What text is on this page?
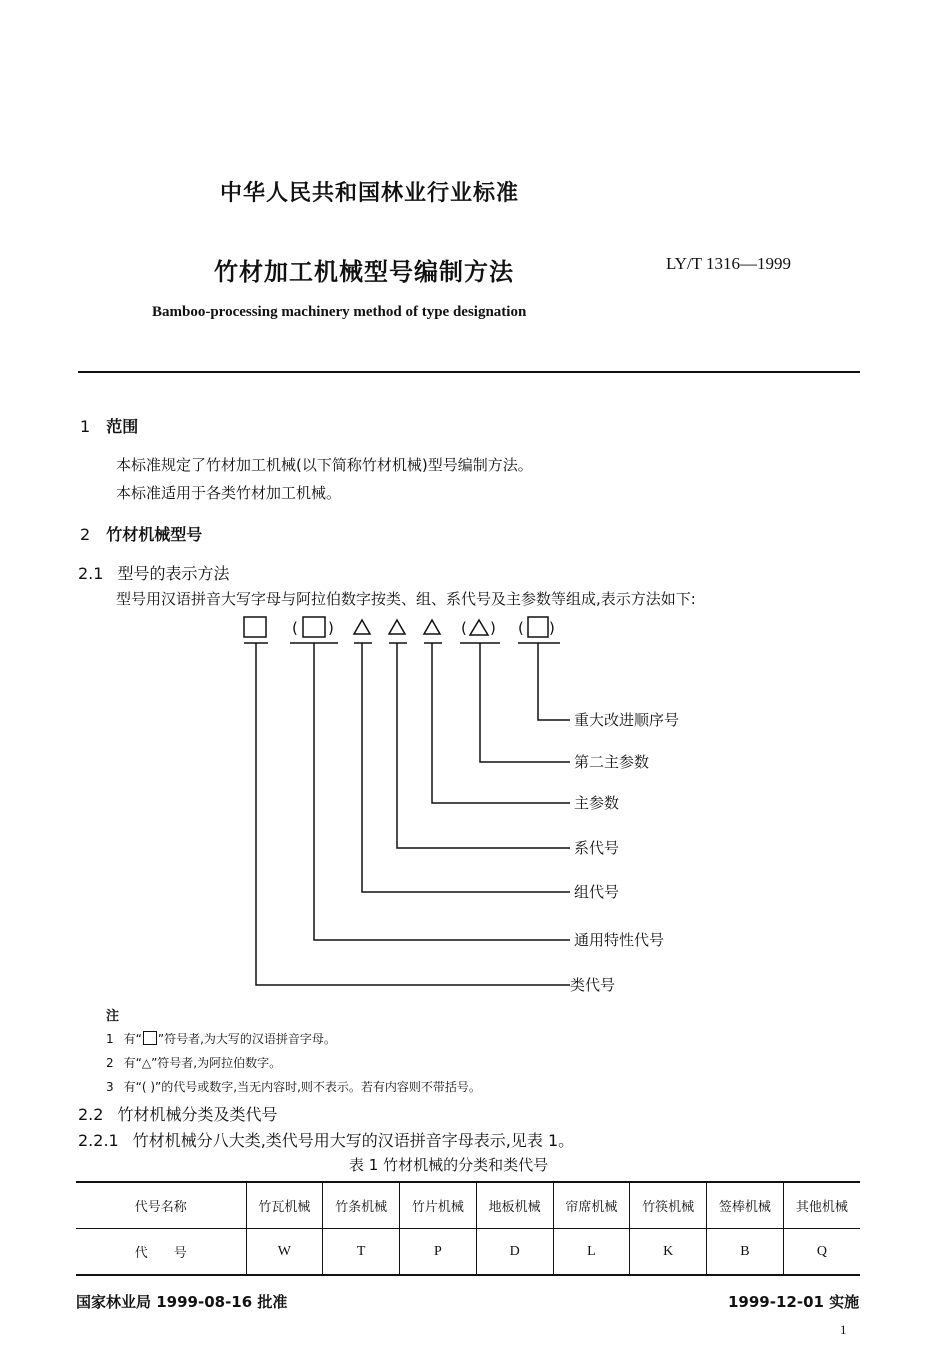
中华人民共和国林业行业标准
竹材加工机械型号编制方法	LY/T 1316—1999
Bamboo-processing machinery method of type designation
1 范围
本标准规定了竹材加工机械(以下简称竹材机械)型号编制方法。
本标准适用于各类竹材加工机械。
2 竹材机械型号
2.1 型号的表示方法
型号用汉语拼音大写字母与阿拉伯数字按类、组、系代号及主参数等组成,表示方法如下:
( )	( ) ( )
重大改进顺序号
第二主参数
主参数
系代号
组代号
通用特性代号
类代号
注
1 有“ ”符号者,为大写的汉语拼音字母。
2 有“△”符号者,为阿拉伯数字。
3 有“( )”的代号或数字,当无内容时,则不表示。若有内容则不带括号。
2.2 竹材机械分类及类代号
2.2.1 竹材机械分八大类,类代号用大写的汉语拼音字母表示,见表 1。
表 1 竹材机械的分类和类代号
代号名称	竹瓦机械	竹条机械	竹片机械	地板机械	帘席机械	竹筷机械	签棒机械	其他机械
代　　号	W	T	P	D	L	K	B	Q
国家林业局 1999-08-16 批准	1999-12-01 实施
1
